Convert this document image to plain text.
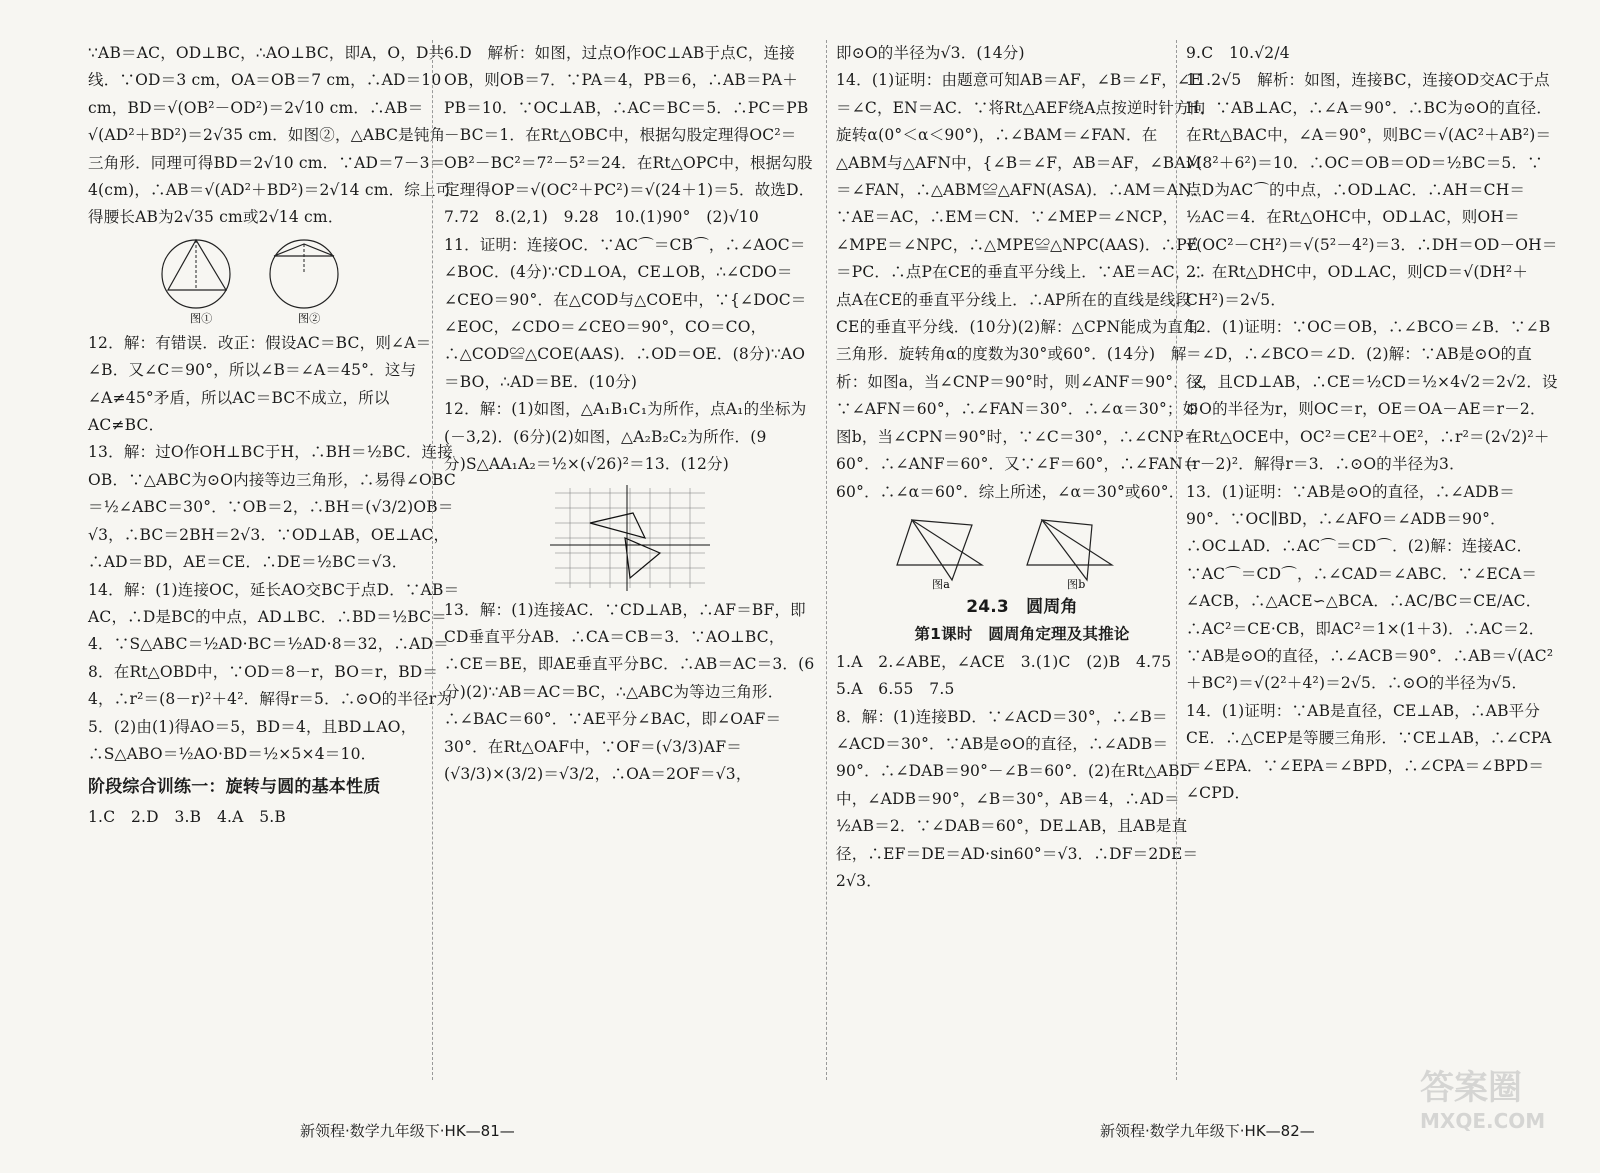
∵AB＝AC，OD⊥BC，∴AO⊥BC，即A，O，D共线．∵OD＝3 cm，OA＝OB＝7 cm，∴AD＝10 cm，BD＝√(OB²－OD²)＝2√10 cm．∴AB＝√(AD²＋BD²)＝2√35 cm．如图②，△ABC是钝角三角形．同理可得BD＝2√10 cm．∵AD＝7－3＝4(cm)，∴AB＝√(AD²＋BD²)＝2√14 cm．综上可得腰长AB为2√35 cm或2√14 cm．

图①	图②

12．解：有错误．改正：假设AC＝BC，则∠A＝∠B．又∠C＝90°，所以∠B＝∠A＝45°．这与∠A≠45°矛盾，所以AC＝BC不成立，所以AC≠BC．

13．解：过O作OH⊥BC于H，∴BH＝½BC．连接OB．∵△ABC为⊙O内接等边三角形，∴易得∠OBC＝½∠ABC＝30°．∵OB＝2，∴BH＝(√3/2)OB＝√3，∴BC＝2BH＝2√3．∵OD⊥AB，OE⊥AC，∴AD＝BD，AE＝CE．∴DE＝½BC＝√3．

14．解：(1)连接OC，延长AO交BC于点D．∵AB＝AC，∴D是BC的中点，AD⊥BC．∴BD＝½BC＝4．∵S△ABC＝½AD·BC＝½AD·8＝32，∴AD＝8．在Rt△OBD中，∵OD＝8－r，BO＝r，BD＝4，∴r²＝(8－r)²＋4²．解得r＝5．∴⊙O的半径r为5．(2)由(1)得AO＝5，BD＝4，且BD⊥AO，∴S△ABO＝½AO·BD＝½×5×4＝10．

阶段综合训练一：旋转与圆的基本性质

1.C　2.D　3.B　4.A　5.B

6.D　解析：如图，过点O作OC⊥AB于点C，连接OB，则OB＝7．∵PA＝4，PB＝6，∴AB＝PA＋PB＝10．∵OC⊥AB，∴AC＝BC＝5．∴PC＝PB－BC＝1．在Rt△OBC中，根据勾股定理得OC²＝OB²－BC²＝7²－5²＝24．在Rt△OPC中，根据勾股定理得OP＝√(OC²＋PC²)＝√(24＋1)＝5．故选D．

7.72　8.(2,1)　9.28　10.(1)90°　(2)√10

11．证明：连接OC．∵AC⌒＝CB⌒，∴∠AOC＝∠BOC．(4分)∵CD⊥OA，CE⊥OB，∴∠CDO＝∠CEO＝90°．在△COD与△COE中，∵{∠DOC＝∠EOC，∠CDO＝∠CEO＝90°，CO＝CO，∴△COD≌△COE(AAS)．∴OD＝OE．(8分)∵AO＝BO，∴AD＝BE．(10分)

12．解：(1)如图，△A₁B₁C₁为所作，点A₁的坐标为(－3,2)．(6分)(2)如图，△A₂B₂C₂为所作．(9分)S△AA₁A₂＝½×(√26)²＝13．(12分)

13．解：(1)连接AC．∵CD⊥AB，∴AF＝BF，即CD垂直平分AB．∴CA＝CB＝3．∵AO⊥BC，∴CE＝BE，即AE垂直平分BC．∴AB＝AC＝3．(6分)(2)∵AB＝AC＝BC，∴△ABC为等边三角形．∴∠BAC＝60°．∵AE平分∠BAC，即∠OAF＝30°．在Rt△OAF中，∵OF＝(√3/3)AF＝(√3/3)×(3/2)＝√3/2，∴OA＝2OF＝√3，

即⊙O的半径为√3．(14分)

14．(1)证明：由题意可知AB＝AF，∠B＝∠F，∠E＝∠C，EN＝AC．∵将Rt△AEF绕A点按逆时针方向旋转α(0°＜α＜90°)，∴∠BAM＝∠FAN．在△ABM与△AFN中，{∠B＝∠F，AB＝AF，∠BAM＝∠FAN，∴△ABM≌△AFN(ASA)．∴AM＝AN．∵AE＝AC，∴EM＝CN．∵∠MEP＝∠NCP，∠MPE＝∠NPC，∴△MPE≌△NPC(AAS)．∴PE＝PC．∴点P在CE的垂直平分线上．∵AE＝AC，∴点A在CE的垂直平分线上．∴AP所在的直线是线段CE的垂直平分线．(10分)(2)解：△CPN能成为直角三角形．旋转角α的度数为30°或60°．(14分)　解析：如图a，当∠CNP＝90°时，则∠ANF＝90°．又∵∠AFN＝60°，∴∠FAN＝30°．∴∠α＝30°；如图b，当∠CPN＝90°时，∵∠C＝30°，∴∠CNP＝60°．∴∠ANF＝60°．又∵∠F＝60°，∴∠FAN＝60°．∴∠α＝60°．综上所述，∠α＝30°或60°．

图a	图b

24.3　圆周角

第1课时　圆周角定理及其推论

1.A　2.∠ABE，∠ACE　3.(1)C　(2)B　4.75　5.A　6.55　7.5

8．解：(1)连接BD．∵∠ACD＝30°，∴∠B＝∠ACD＝30°．∵AB是⊙O的直径，∴∠ADB＝90°．∴∠DAB＝90°－∠B＝60°．(2)在Rt△ABD中，∠ADB＝90°，∠B＝30°，AB＝4，∴AD＝½AB＝2．∵∠DAB＝60°，DE⊥AB，且AB是直径，∴EF＝DE＝AD·sin60°＝√3．∴DF＝2DE＝2√3．

9.C　10.√2/4

11.2√5　解析：如图，连接BC，连接OD交AC于点H．∵AB⊥AC，∴∠A＝90°．∴BC为⊙O的直径．在Rt△BAC中，∠A＝90°，则BC＝√(AC²＋AB²)＝√(8²＋6²)＝10．∴OC＝OB＝OD＝½BC＝5．∵点D为AC⌒的中点，∴OD⊥AC．∴AH＝CH＝½AC＝4．在Rt△OHC中，OD⊥AC，则OH＝√(OC²－CH²)＝√(5²－4²)＝3．∴DH＝OD－OH＝2．在Rt△DHC中，OD⊥AC，则CD＝√(DH²＋CH²)＝2√5．

12．(1)证明：∵OC＝OB，∴∠BCO＝∠B．∵∠B＝∠D，∴∠BCO＝∠D．(2)解：∵AB是⊙O的直径，且CD⊥AB，∴CE＝½CD＝½×4√2＝2√2．设⊙O的半径为r，则OC＝r，OE＝OA－AE＝r－2．在Rt△OCE中，OC²＝CE²＋OE²，∴r²＝(2√2)²＋(r－2)²．解得r＝3．∴⊙O的半径为3．

13．(1)证明：∵AB是⊙O的直径，∴∠ADB＝90°．∵OC∥BD，∴∠AFO＝∠ADB＝90°．∴OC⊥AD．∴AC⌒＝CD⌒．(2)解：连接AC．∵AC⌒＝CD⌒，∴∠CAD＝∠ABC．∵∠ECA＝∠ACB，∴△ACE∽△BCA．∴AC/BC＝CE/AC．∴AC²＝CE·CB，即AC²＝1×(1＋3)．∴AC＝2．∵AB是⊙O的直径，∴∠ACB＝90°．∴AB＝√(AC²＋BC²)＝√(2²＋4²)＝2√5．∴⊙O的半径为√5．

14．(1)证明：∵AB是直径，CE⊥AB，∴AB平分CE．∴△CEP是等腰三角形．∵CE⊥AB，∴∠CPA＝∠EPA．∵∠EPA＝∠BPD，∴∠CPA＝∠BPD＝∠CPD．

新领程·数学九年级下·HK—81—	新领程·数学九年级下·HK—82—
答案圈
MXQE.COM
